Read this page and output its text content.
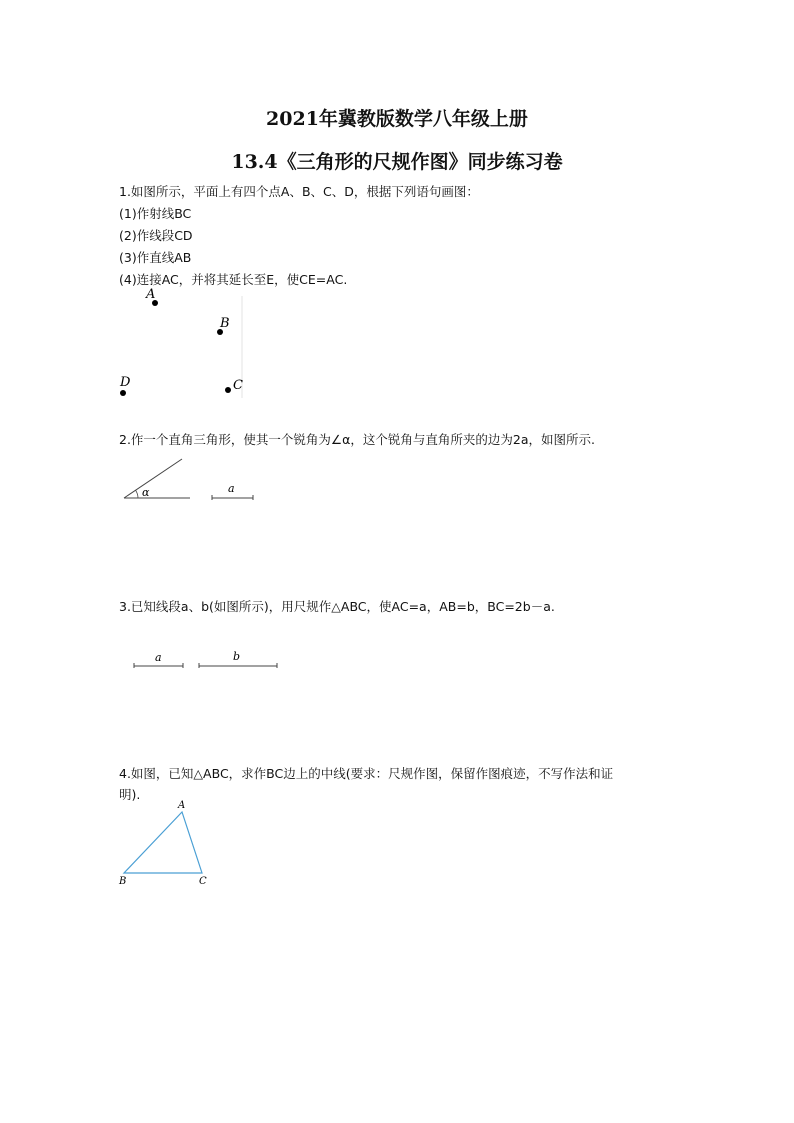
2021年冀教版数学八年级上册
13.4《三角形的尺规作图》同步练习卷
1.如图所示，平面上有四个点A、B、C、D，根据下列语句画图：
(1)作射线BC
(2)作线段CD
(3)作直线AB
(4)连接AC，并将其延长至E，使CE=AC.
A
B
C
D
2.作一个直角三角形，使其一个锐角为∠α，这个锐角与直角所夹的边为2a，如图所示.
α	a
3.已知线段a、b(如图所示)，用尺规作△ABC，使AC=a，AB=b，BC=2b－a.
a	b
4.如图，已知△ABC，求作BC边上的中线(要求：尺规作图，保留作图痕迹，不写作法和证
明).
A
B	C
